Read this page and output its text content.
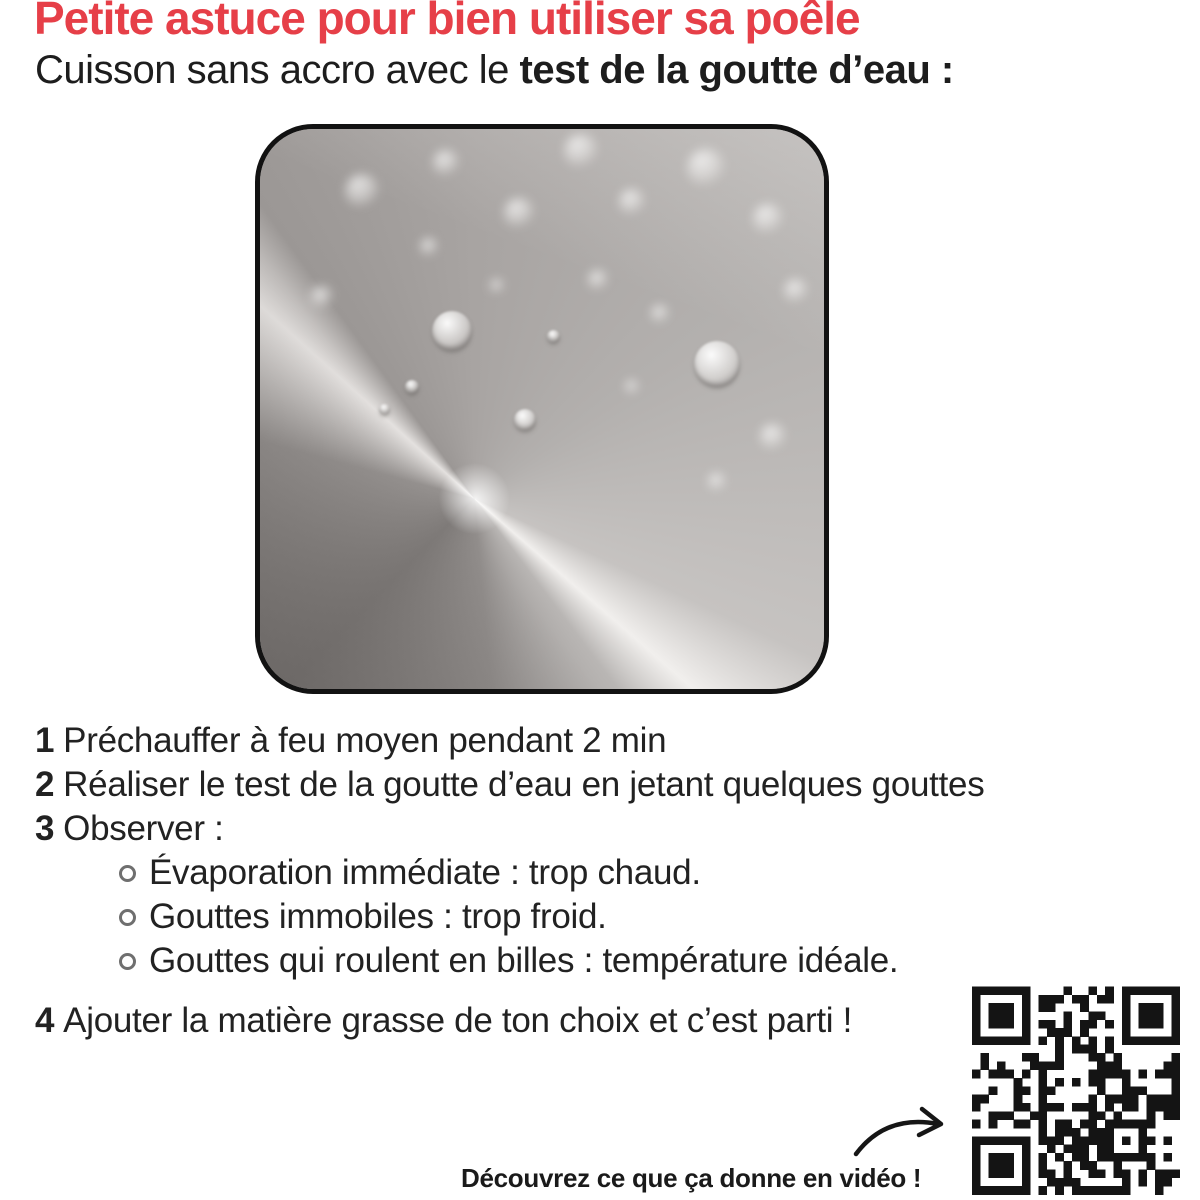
Petite astuce pour bien utiliser sa poêle

Cuisson sans accro avec le test de la goutte d’eau :

1 Préchauffer à feu moyen pendant 2 min
2 Réaliser le test de la goutte d’eau en jetant quelques gouttes
3 Observer :
Évaporation immédiate : trop chaud.
Gouttes immobiles : trop froid.
Gouttes qui roulent en billes : température idéale.
4 Ajouter la matière grasse de ton choix et c’est parti !
Découvrez ce que ça donne en vidéo !
